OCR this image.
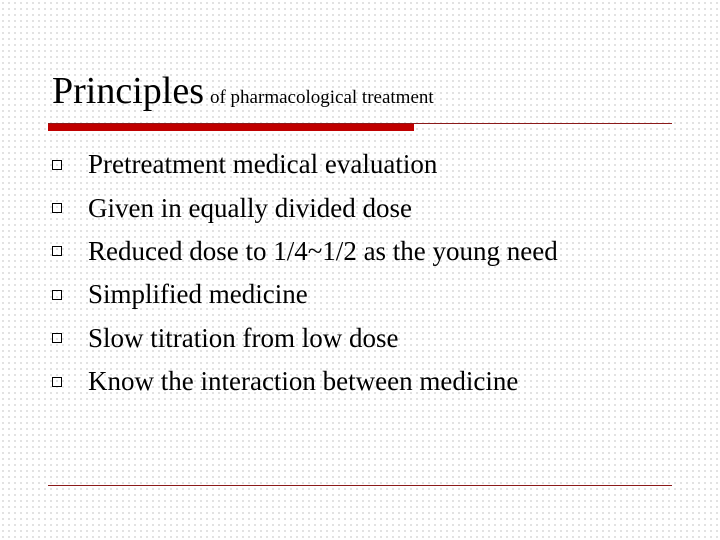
Principles of pharmacological treatment
Pretreatment medical evaluation
Given in equally divided dose
Reduced dose to 1/4~1/2 as the young need
Simplified medicine
Slow titration from low dose
Know the interaction between medicine
